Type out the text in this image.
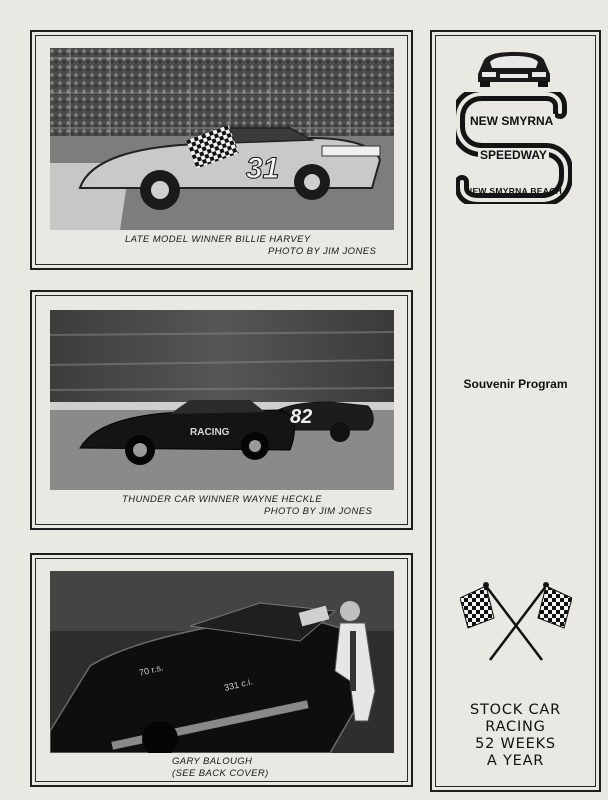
31
LATE MODEL WINNER BILLIE HARVEY
PHOTO BY JIM JONES
RACING
82
THUNDER CAR WINNER WAYNE HECKLE
PHOTO BY JIM JONES
70 r.s.
331 c.i.
GARY BALOUGH
(SEE BACK COVER)
NEW SMYRNA
SPEEDWAY
NEW SMYRNA BEACH
Souvenir Program
STOCK CAR
RACING
52 WEEKS
A YEAR
